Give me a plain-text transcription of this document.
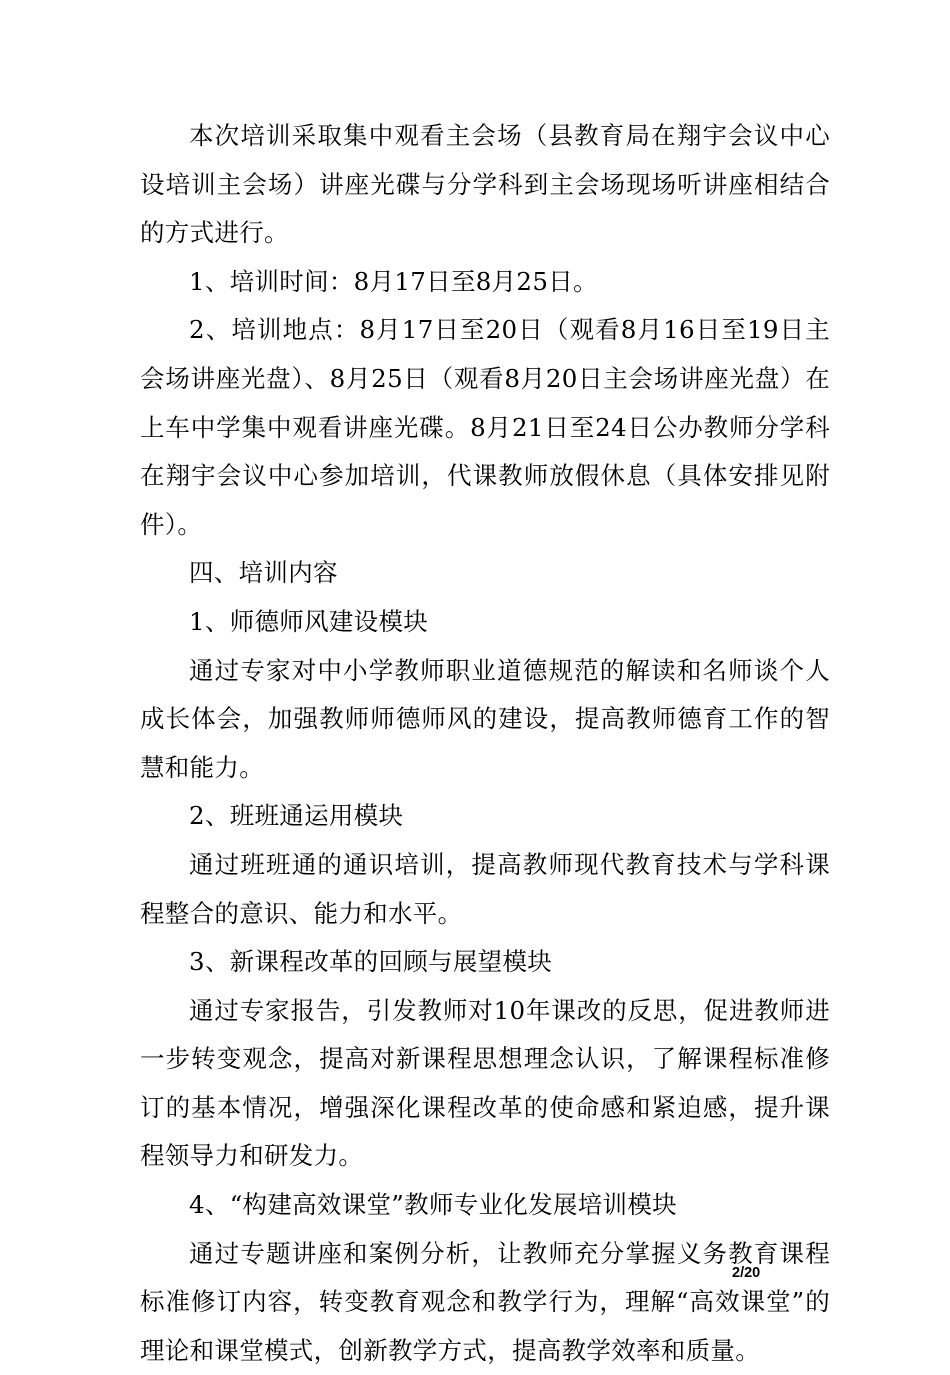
本次培训采取集中观看主会场（县教育局在翔宇会议中心设培训主会场）讲座光碟与分学科到主会场现场听讲座相结合的方式进行。

1、培训时间：8月17日至8月25日。

2、培训地点：8月17日至20日（观看8月16日至19日主会场讲座光盘）、8月25日（观看8月20日主会场讲座光盘）在上车中学集中观看讲座光碟。8月21日至24日公办教师分学科在翔宇会议中心参加培训，代课教师放假休息（具体安排见附件）。

四、培训内容

1、师德师风建设模块

通过专家对中小学教师职业道德规范的解读和名师谈个人成长体会，加强教师师德师风的建设，提高教师德育工作的智慧和能力。

2、班班通运用模块

通过班班通的通识培训，提高教师现代教育技术与学科课程整合的意识、能力和水平。

3、新课程改革的回顾与展望模块

通过专家报告，引发教师对10年课改的反思，促进教师进一步转变观念，提高对新课程思想理念认识，了解课程标准修订的基本情况，增强深化课程改革的使命感和紧迫感，提升课程领导力和研发力。

4、“构建高效课堂”教师专业化发展培训模块

通过专题讲座和案例分析，让教师充分掌握义务教育课程标准修订内容，转变教育观念和教学行为，理解“高效课堂”的理论和课堂模式，创新教学方式，提高教学效率和质量。

2/20
